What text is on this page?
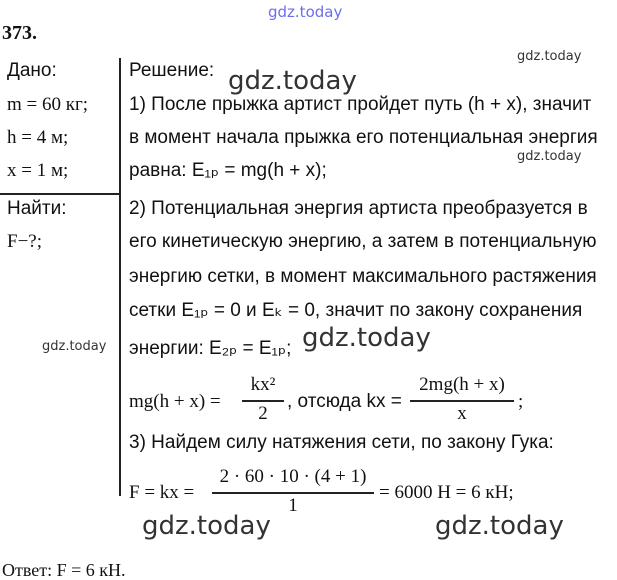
gdz.today
gdz.today
gdz.today
gdz.today
gdz.today	gdz.today
gdz.today	gdz.today
373.
Дано:
m = 60 кг;
h = 4 м;
x = 1 м;
Найти:
F−?;
Решение:
1) После прыжка артист пройдет путь (h + x), значит
в момент начала прыжка его потенциальная энергия
равна: E₁ₚ = mg(h + x);
2) Потенциальная энергия артиста преобразуется в
его кинетическую энергию, а затем в потенциальную
энергию сетки, в момент максимального растяжения
сетки E₁ₚ = 0 и Eₖ = 0, значит по закону сохранения
энергии: E₂ₚ = E₁ₚ;
mg(h + x) =
kx²
2
, отсюда kx =
2mg(h + x)
x
;
3) Найдем силу натяжения сети, по закону Гука:
F = kx =
2 · 60 · 10 · (4 + 1)
1
= 6000 Н = 6 кН;
Ответ: F = 6 кН.
